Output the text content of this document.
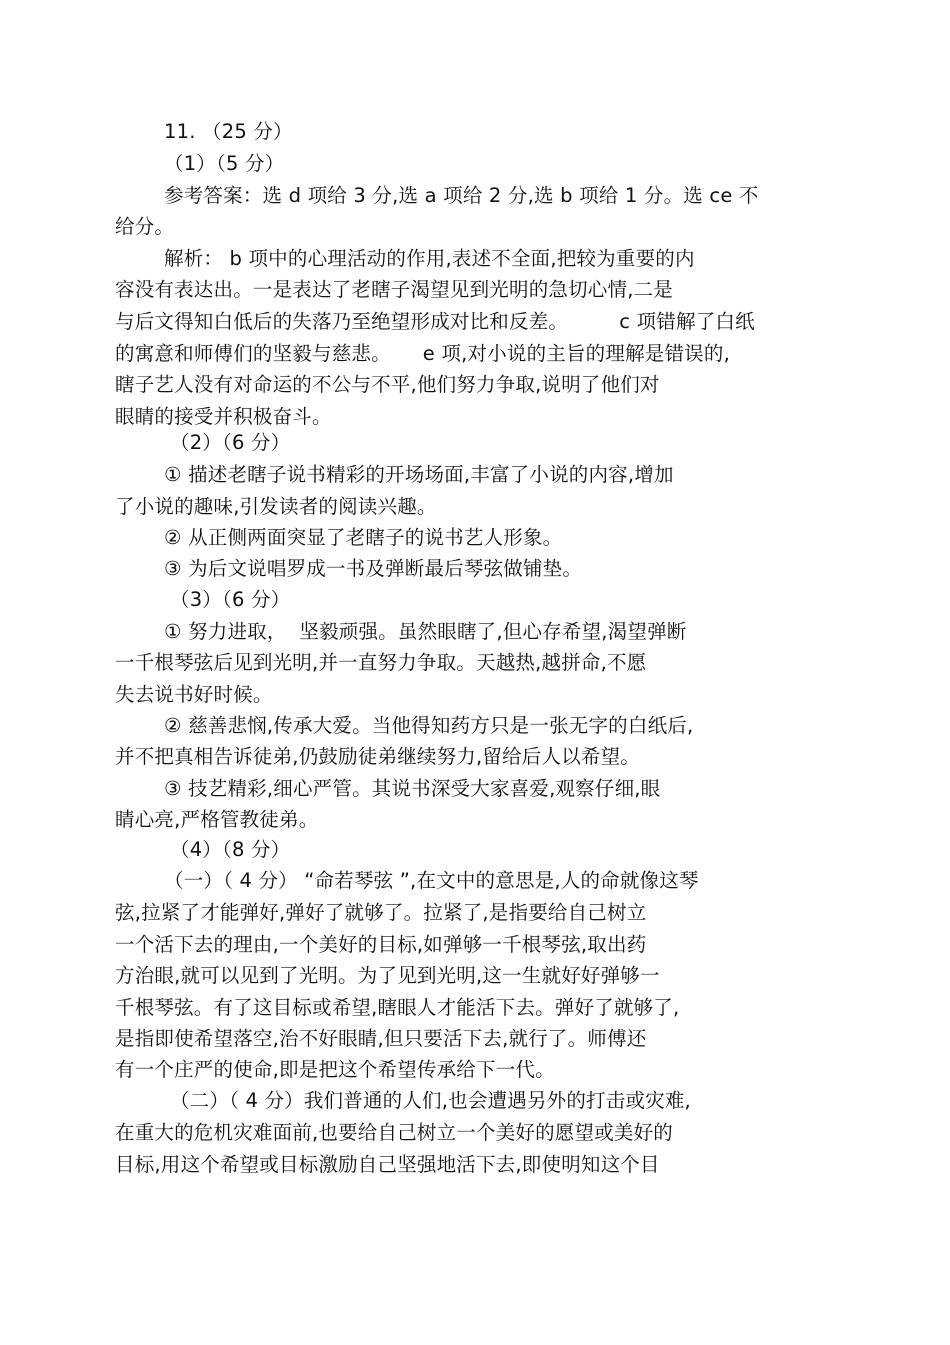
11. （25 分）
（1）（5 分）
参考答案：选 d 项给 3 分,选 a 项给 2 分,选 b 项给 1 分。选 ce 不
给分。
解析： b 项中的心理活动的作用,表述不全面,把较为重要的内
容没有表达出。一是表达了老瞎子渴望见到光明的急切心情,二是
与后文得知白低后的失落乃至绝望形成对比和反差。        c 项错解了白纸
的寓意和师傅们的坚毅与慈悲。     e 项,对小说的主旨的理解是错误的,
瞎子艺人没有对命运的不公与不平,他们努力争取,说明了他们对
眼睛的接受并积极奋斗。
（2）（6 分）
① 描述老瞎子说书精彩的开场场面,丰富了小说的内容,增加
了小说的趣味,引发读者的阅读兴趣。
② 从正侧两面突显了老瞎子的说书艺人形象。
③ 为后文说唱罗成一书及弹断最后琴弦做铺垫。
（3）（6 分）
① 努力进取，  坚毅顽强。虽然眼瞎了,但心存希望,渴望弹断
一千根琴弦后见到光明,并一直努力争取。天越热,越拼命,不愿
失去说书好时候。
② 慈善悲悯,传承大爱。当他得知药方只是一张无字的白纸后,
并不把真相告诉徒弟,仍鼓励徒弟继续努力,留给后人以希望。
③ 技艺精彩,细心严管。其说书深受大家喜爱,观察仔细,眼
睛心亮,严格管教徒弟。
（4）（8 分）
（一）（ 4 分） “命若琴弦 ”,在文中的意思是,人的命就像这琴
弦,拉紧了才能弹好,弹好了就够了。拉紧了,是指要给自己树立
一个活下去的理由,一个美好的目标,如弹够一千根琴弦,取出药
方治眼,就可以见到了光明。为了见到光明,这一生就好好弹够一
千根琴弦。有了这目标或希望,瞎眼人才能活下去。弹好了就够了,
是指即使希望落空,治不好眼睛,但只要活下去,就行了。师傅还
有一个庄严的使命,即是把这个希望传承给下一代。
（二）（ 4 分）我们普通的人们,也会遭遇另外的打击或灾难,
在重大的危机灾难面前,也要给自己树立一个美好的愿望或美好的
目标,用这个希望或目标激励自己坚强地活下去,即使明知这个目
